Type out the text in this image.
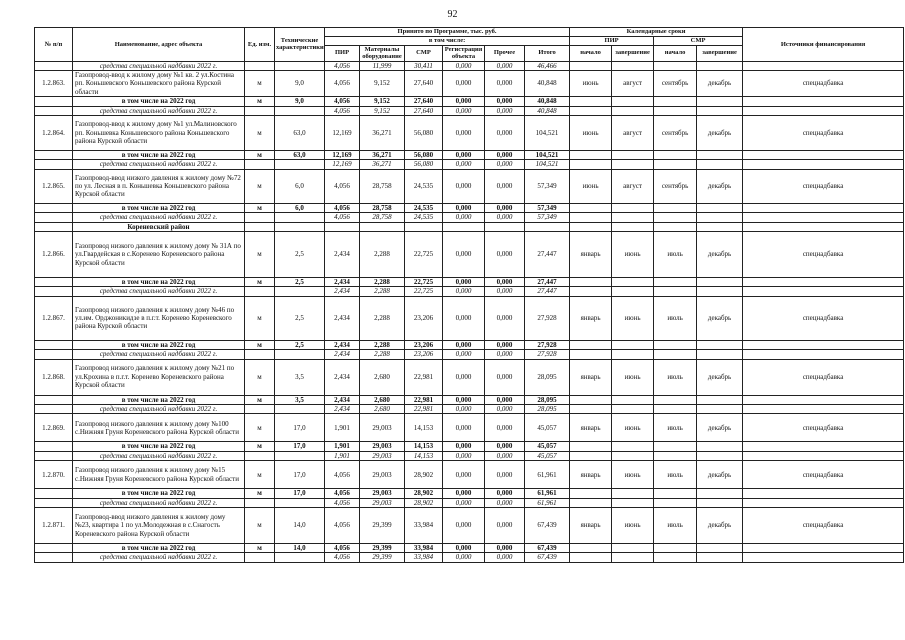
92
№ п/п	Наименование, адрес объекта	Ед. изм.	Технические характеристики	Принято по Программе, тыс. руб.						Календарные сроки				Источники финансирования
				в том числе:						ПИР		СМР		
				ПИР	Материалы оборудование	СМР	Регистрация объекта	Прочее	Итого	начало	завершение	начало	завершение	
	средства специальной надбавки 2022 г.			4,056	11,999	30,411	0,000	0,000	46,466					
1.2.863.	Газопровод-ввод к жилому дому №1 кв. 2 ул.Костина рп. Коньшевского Коньшевского района Курской области	м	9,0	4,056	9,152	27,640	0,000	0,000	40,848	июнь	август	сентябрь	декабрь	спецнадбавка
	в том числе на 2022 год	м	9,0	4,056	9,152	27,640	0,000	0,000	40,848					
	средства специальной надбавки 2022 г.			4,056	9,152	27,640	0,000	0,000	40,848					
1.2.864.	Газопровод-ввод к жилому дому №1 ул.Малиновского рп. Коньшевка Коньшевского района Коньшевского района Курской области	м	63,0	12,169	36,271	56,080	0,000	0,000	104,521	июнь	август	сентябрь	декабрь	спецнадбавка
	в том числе на 2022 год	м	63,0	12,169	36,271	56,080	0,000	0,000	104,521					
	средства специальной надбавки 2022 г.			12,169	36,271	56,080	0,000	0,000	104,521					
1.2.865.	Газопровод-ввод низкого давления к жилому дому №72 по ул. Лесная в п. Коньшевка Коньшевского района Курской области	м	6,0	4,056	28,758	24,535	0,000	0,000	57,349	июнь	август	сентябрь	декабрь	спецнадбавка
	в том числе на 2022 год	м	6,0	4,056	28,758	24,535	0,000	0,000	57,349					
	средства специальной надбавки 2022 г.			4,056	28,758	24,535	0,000	0,000	57,349					
	Кореневский район													
1.2.866.	Газопровод низкого давления к жилому дому № 31А по ул.Гвардейская в с.Коренево Кореневского района Курской области	м	2,5	2,434	2,288	22,725	0,000	0,000	27,447	январь	июнь	июль	декабрь	спецнадбавка
	в том числе на 2022 год	м	2,5	2,434	2,288	22,725	0,000	0,000	27,447					
	средства специальной надбавки 2022 г.			2,434	2,288	22,725	0,000	0,000	27,447					
1.2.867.	Газопровод низкого давления к жилому дому №46 по ул.им. Орджоникидзе в п.г.т. Коренево Кореневского района Курской области	м	2,5	2,434	2,288	23,206	0,000	0,000	27,928	январь	июнь	июль	декабрь	спецнадбавка
	в том числе на 2022 год	м	2,5	2,434	2,288	23,206	0,000	0,000	27,928					
	средства специальной надбавки 2022 г.			2,434	2,288	23,206	0,000	0,000	27,928					
1.2.868.	Газопровод низкого давления к жилому дому №21 по ул.Крохина в п.г.т. Коренево Кореневского района Курской области	м	3,5	2,434	2,680	22,981	0,000	0,000	28,095	январь	июнь	июль	декабрь	спецнадбавка
	в том числе на 2022 год	м	3,5	2,434	2,680	22,981	0,000	0,000	28,095					
	средства специальной надбавки 2022 г.			2,434	2,680	22,981	0,000	0,000	28,095					
1.2.869.	Газопровод низкого давления к жилому дому №100 с.Нижняя Груня Кореневского района Курской области	м	17,0	1,901	29,003	14,153	0,000	0,000	45,057	январь	июнь	июль	декабрь	спецнадбавка
	в том числе на 2022 год	м	17,0	1,901	29,003	14,153	0,000	0,000	45,057					
	средства специальной надбавки 2022 г.			1,901	29,003	14,153	0,000	0,000	45,057					
1.2.870.	Газопровод низкого давления к жилому дому №15 с.Нижняя Груня Кореневского района Курской области	м	17,0	4,056	29,003	28,902	0,000	0,000	61,961	январь	июнь	июль	декабрь	спецнадбавка
	в том числе на 2022 год	м	17,0	4,056	29,003	28,902	0,000	0,000	61,961					
	средства специальной надбавки 2022 г.			4,056	29,003	28,902	0,000	0,000	61,961					
1.2.871.	Газопровод-ввод низкого давления к жилому дому №23, квартира 1 по ул.Молодежная в с.Снагость Кореневского района Курской области	м	14,0	4,056	29,399	33,984	0,000	0,000	67,439	январь	июнь	июль	декабрь	спецнадбавка
	в том числе на 2022 год	м	14,0	4,056	29,399	33,984	0,000	0,000	67,439					
	средства специальной надбавки 2022 г.			4,056	29,399	33,984	0,000	0,000	67,439					
